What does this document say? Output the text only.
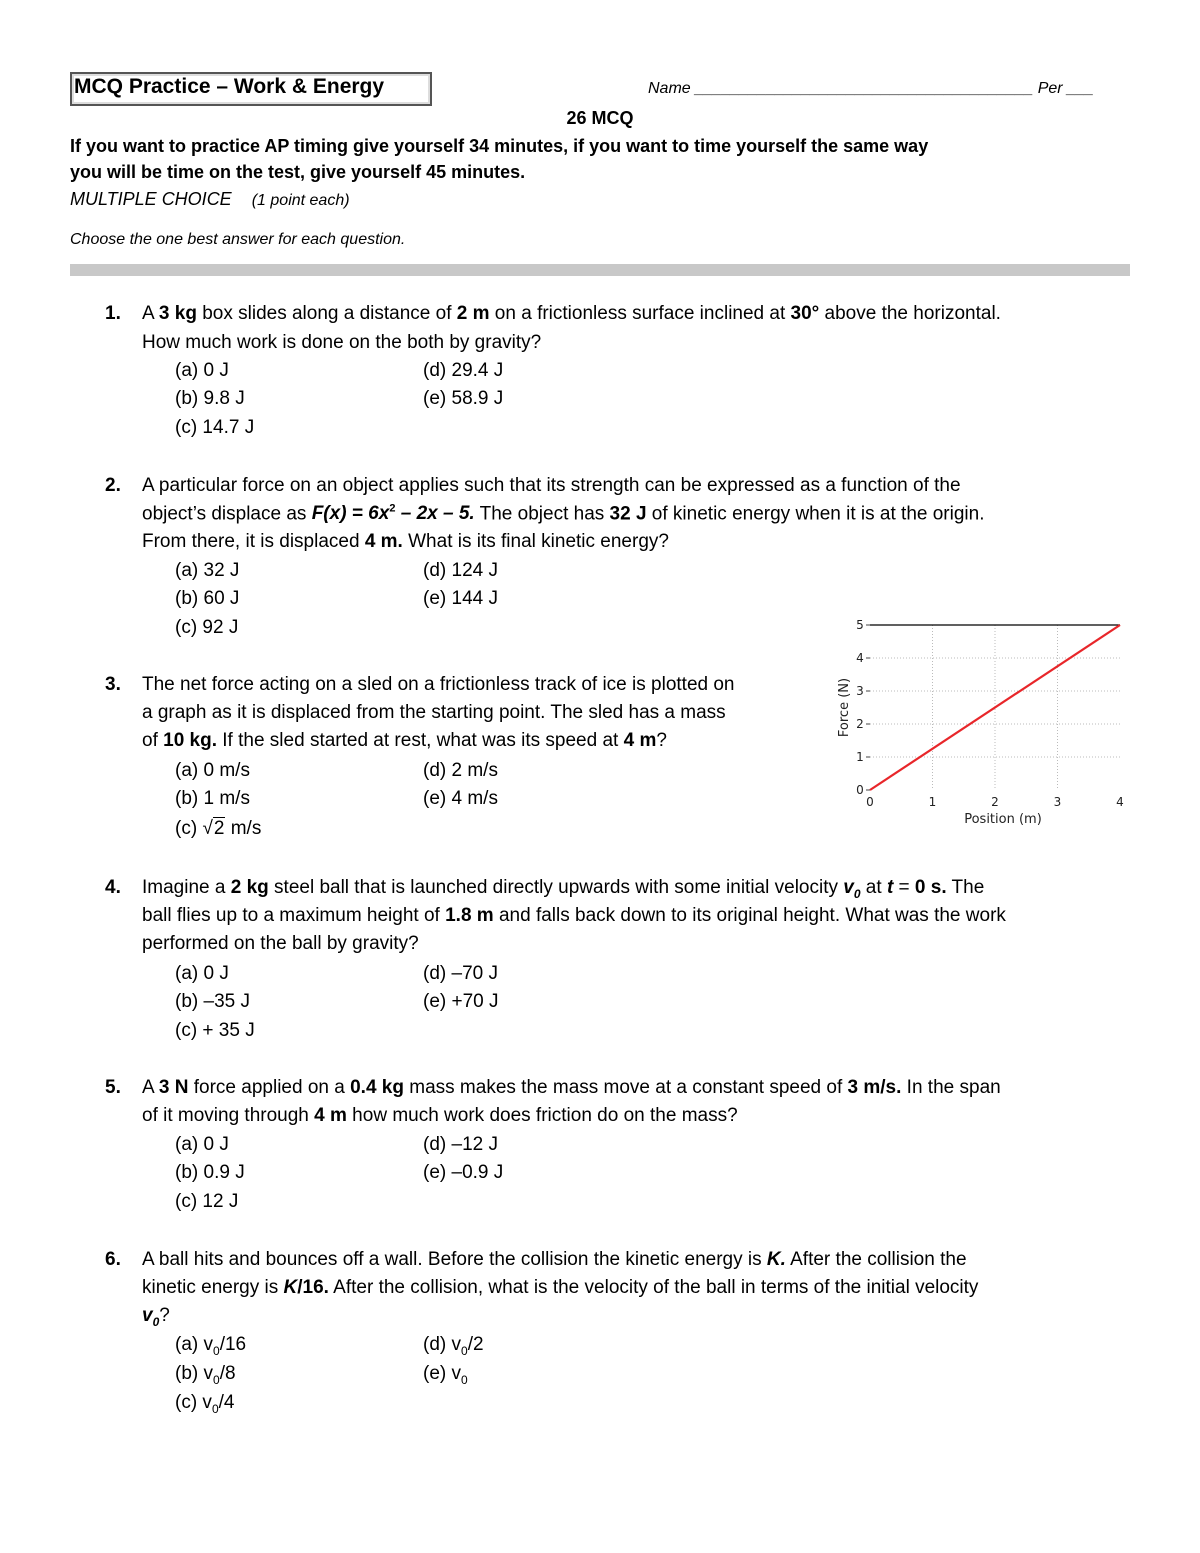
MCQ Practice – Work & Energy	Name ______________________________________ Per ___
26 MCQ
If you want to practice AP timing give yourself 34 minutes, if you want to time yourself the same way
you will be time on the test, give yourself 45 minutes.
MULTIPLE CHOICE (1 point each)
Choose the one best answer for each question.
1. A 3 kg box slides along a distance of 2 m on a frictionless surface inclined at 30° above the horizontal.
How much work is done on the both by gravity?
(a) 0 J
(b) 9.8 J
(c) 14.7 J
(d) 29.4 J
(e) 58.9 J
2. A particular force on an object applies such that its strength can be expressed as a function of the
object’s displace as $F(x) = 6x^2 - 2x - 5$. The object has 32 J of kinetic energy when it is at the origin.
From there, it is displaced 4 m. What is its final kinetic energy?
(a) 32 J
(b) 60 J
(c) 92 J
(d) 124 J
(e) 144 J
3. The net force acting on a sled on a frictionless track of ice is plotted on
a graph as it is displaced from the starting point. The sled has a mass
of 10 kg. If the sled started at rest, what was its speed at 4 m?
(a) 0 m/s
(b) 1 m/s
(c) √2 m/s
(d) 2 m/s
(e) 4 m/s	0	1	2	3	4
0
1
2
3
4
5
Position (m)
Force (N)
4. Imagine a 2 kg steel ball that is launched directly upwards with some initial velocity $v_0$ at t = 0 s. The
ball flies up to a maximum height of 1.8 m and falls back down to its original height. What was the work
performed on the ball by gravity?
(a) 0 J
(b) –35 J
(c) + 35 J
(d) –70 J
(e) +70 J
5. A 3 N force applied on a 0.4 kg mass makes the mass move at a constant speed of 3 m/s. In the span
of it moving through 4 m how much work does friction do on the mass?
(a) 0 J
(b) 0.9 J
(c) 12 J
(d) –12 J
(e) –0.9 J
6. A ball hits and bounces off a wall. Before the collision the kinetic energy is K. After the collision the
kinetic energy is K/16. After the collision, what is the velocity of the ball in terms of the initial velocity
$v_0$?
(a) $v_0/16$
(b) $v_0/8$
(c) $v_0/4$
(d) $v_0/2$
(e) $v_0$
